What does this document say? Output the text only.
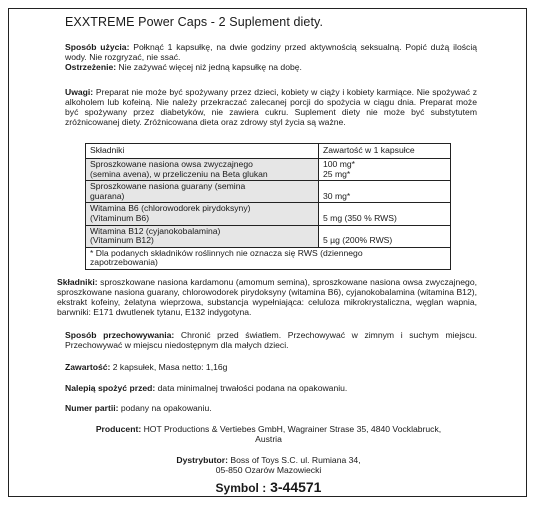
EXXTREME Power Caps - 2 Suplement diety.
Sposób użycia: Połknąć 1 kapsułkę, na dwie godziny przed aktywnością seksualną. Popić dużą ilością wody. Nie rozgryzać, nie ssać.
Ostrzeżenie: Nie zażywać więcej niż jedną kapsułkę na dobę.
Uwagi: Preparat nie może być spożywany przez dzieci, kobiety w ciąży i kobiety karmiące. Nie spożywać z alkoholem lub kofeiną. Nie należy przekraczać zalecanej porcji do spożycia w ciągu dnia. Preparat może być spożywany przez diabetyków, nie zawiera cukru. Suplement diety nie może być substytutem zróżnicowanej diety. Zróżnicowana dieta oraz zdrowy styl życia są ważne.
Składniki	Zawartość w 1 kapsułce
Sproszkowane nasiona owsa zwyczajnego
(semina avena), w przeliczeniu na Beta glukan	100 mg*
25 mg*
Sproszkowane nasiona guarany (semina
guarana)	30 mg*
Witamina B6 (chlorowodorek pirydoksyny)
(Vitaminum B6)	5 mg (350 % RWS)
Witamina B12 (cyjanokobalamina)
(Vitaminum B12)	5 µg (200% RWS)
* Dla podanych składników roślinnych nie oznacza się RWS (dziennego
zapotrzebowania)	
Składniki: sproszkowane nasiona kardamonu (amomum semina), sproszkowane nasiona owsa zwyczajnego, sproszkowane nasiona guarany, chlorowodorek pirydoksyny (witamina B6), cyjanokobalamina (witamina B12), ekstrakt kofeiny, żelatyna wieprzowa, substancja wypełniająca: celuloza mikrokrystaliczna, węglan wapnia, barwniki: E171 dwutlenek tytanu, E132 indygotyna.
Sposób przechowywania: Chronić przed światłem. Przechowywać w zimnym i suchym miejscu. Przechowywać w miejscu niedostępnym dla małych dzieci.
Zawartość: 2 kapsułek, Masa netto: 1,16g
Nalepią spożyć przed: data minimalnej trwałości podana na opakowaniu.
Numer partii: podany na opakowaniu.
Producent: HOT Productions & Vertiebes GmbH, Wagrainer Strase 35, 4840 Vocklabruck,
Austria
Dystrybutor: Boss of Toys S.C. ul. Rumiana 34,
05-850 Ozarów Mazowiecki
Symbol : 3-44571
